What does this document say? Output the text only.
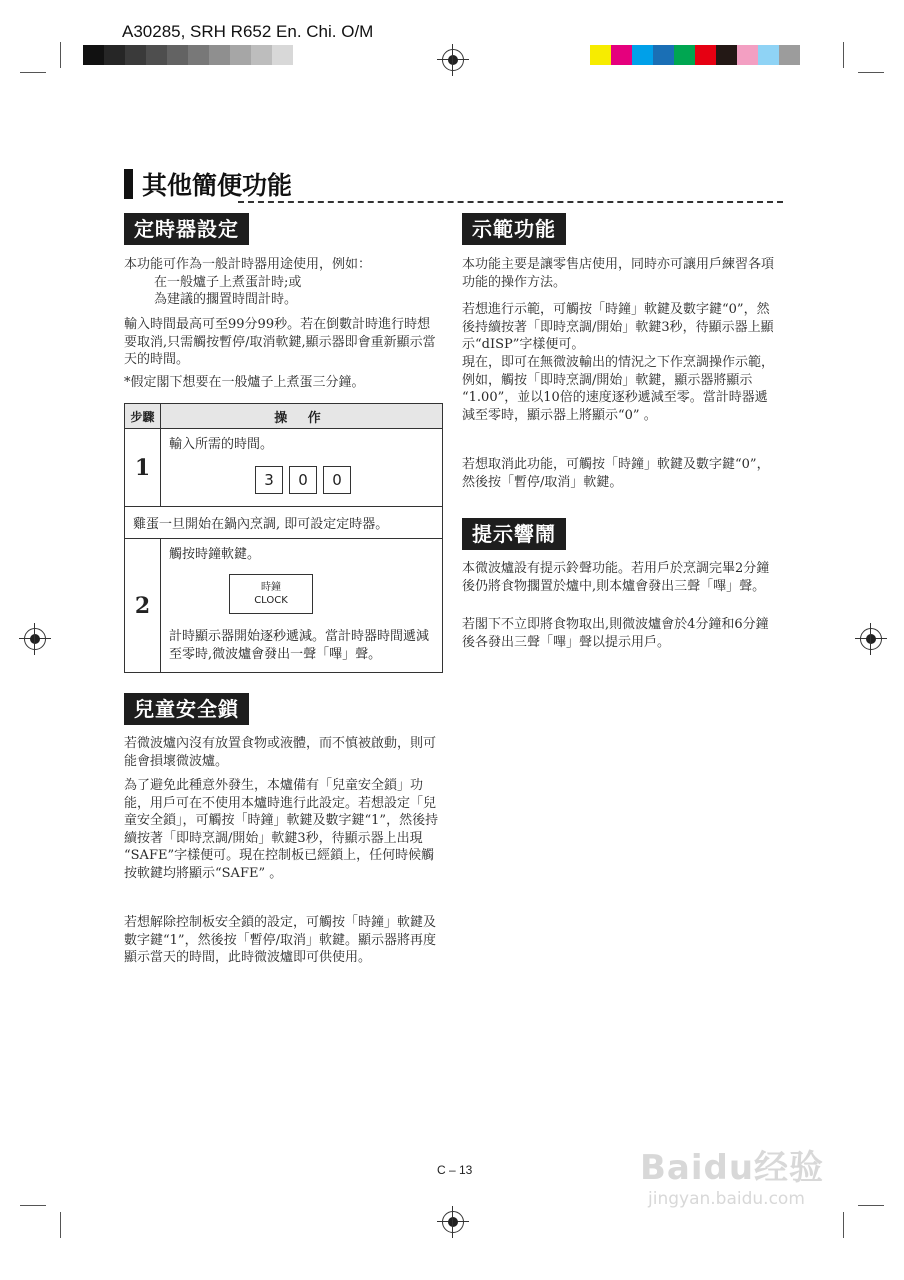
A30285, SRH R652 En. Chi. O/M
其他簡便功能
定時器設定

本功能可作為一般計時器用途使用，例如：

在一般爐子上煮蛋計時;或

為建議的擱置時間計時。

輸入時間最高可至99分99秒。若在倒數計時進行時想要取消,只需觸按暫停/取消軟鍵,顯示器即會重新顯示當天的時間。
*假定閣下想要在一般爐子上煮蛋三分鐘。
步驟	操 作
1	輸入所需的時間。
3 0 0

雞蛋一旦開始在鍋內烹調, 即可設定定時器。	
2	觸按時鐘軟鍵。
時鐘
CLOCK
計時顯示器開始逐秒遞減。當計時器時間遞減至零時,微波爐會發出一聲「嗶」聲。
兒童安全鎖
若微波爐內沒有放置食物或液體，而不慎被啟動，則可能會損壞微波爐。
為了避免此種意外發生，本爐備有「兒童安全鎖」功能，用戶可在不使用本爐時進行此設定。若想設定「兒童安全鎖」，可觸按「時鐘」軟鍵及數字鍵“1”，然後持續按著「即時烹調/開始」軟鍵3秒，待顯示器上出現 “SAFE”字樣便可。現在控制板已經鎖上，任何時候觸按軟鍵均將顯示“SAFE” 。
若想解除控制板安全鎖的設定，可觸按「時鐘」軟鍵及數字鍵“1”，然後按「暫停/取消」軟鍵。顯示器將再度顯示當天的時間，此時微波爐即可供使用。
示範功能
本功能主要是讓零售店使用，同時亦可讓用戶練習各項功能的操作方法。
若想進行示範，可觸按「時鐘」軟鍵及數字鍵“0”，然後持續按著「即時烹調/開始」軟鍵3秒，待顯示器上顯示“dISP”字樣便可。
現在，即可在無微波輸出的情況之下作烹調操作示範，例如，觸按「即時烹調/開始」軟鍵，顯示器將顯示 “1.00”，並以10倍的速度逐秒遞減至零。當計時器遞減至零時，顯示器上將顯示“0” 。
若想取消此功能，可觸按「時鐘」軟鍵及數字鍵“0”，然後按「暫停/取消」軟鍵。
提示響鬧
本微波爐設有提示鈴聲功能。若用戶於烹調完畢2分鐘後仍將食物擱置於爐中,則本爐會發出三聲「嗶」聲。
若閣下不立即將食物取出,則微波爐會於4分鐘和6分鐘後各發出三聲「嗶」聲以提示用戶。
C – 13	Baidu经验
jingyan.baidu.com
